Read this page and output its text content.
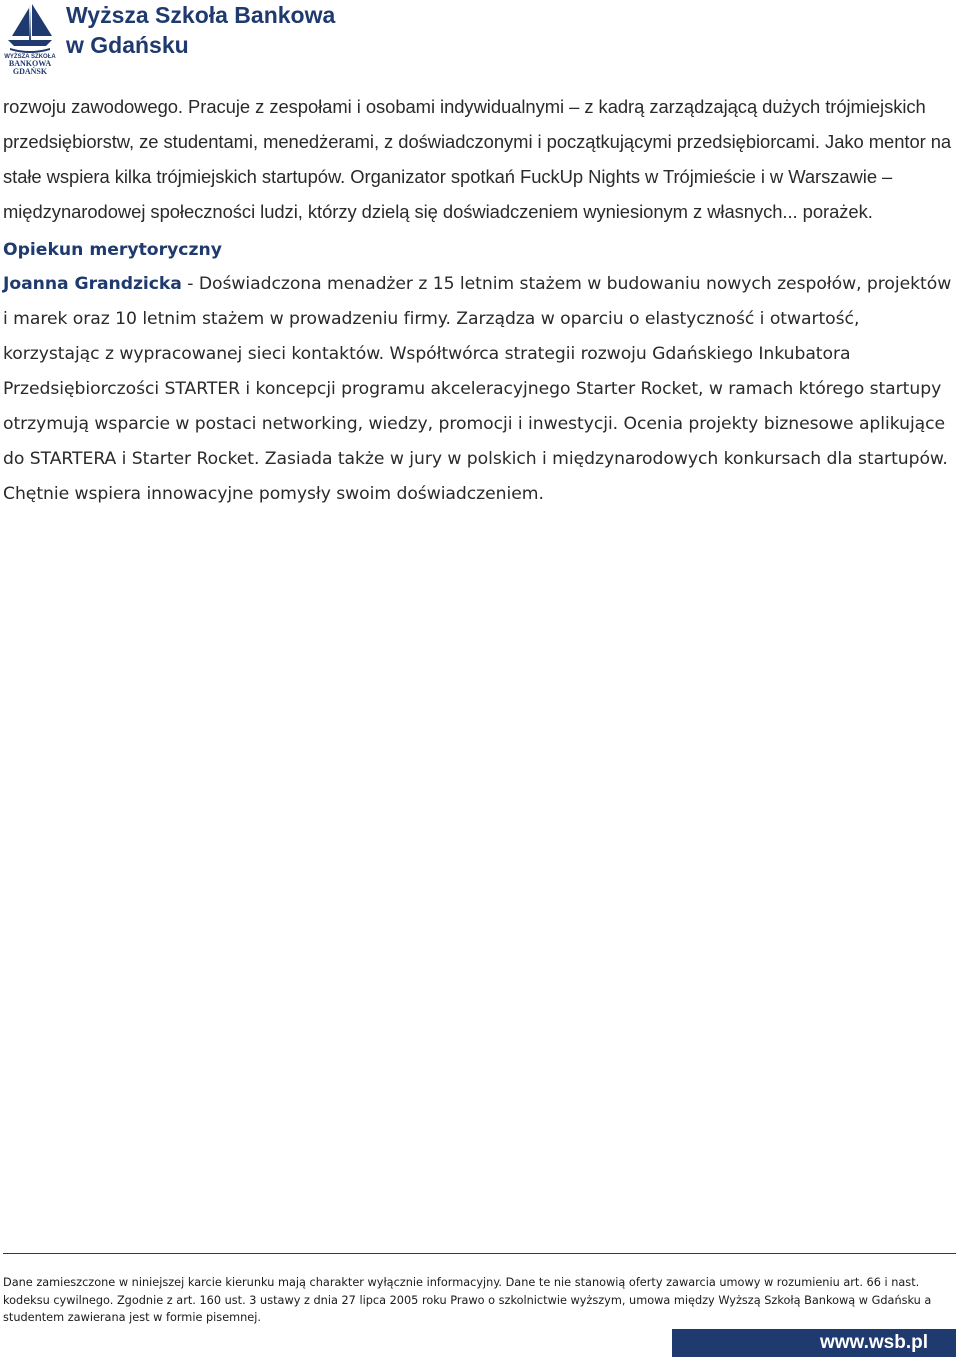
WYŻSZA SZKOŁA
BANKOWA
GDAŃSK
Wyższa Szkoła Bankowa
w Gdańsku

rozwoju zawodowego. Pracuje z zespołami i osobami indywidualnymi – z kadrą zarządzającą dużych trójmiejskich przedsiębiorstw, ze studentami, menedżerami, z doświadczonymi i początkującymi przedsiębiorcami. Jako mentor na stałe wspiera kilka trójmiejskich startupów. Organizator spotkań FuckUp Nights w Trójmieście i w Warszawie – międzynarodowej społeczności ludzi, którzy dzielą się doświadczeniem wyniesionym z własnych... porażek.

Opiekun merytoryczny

Joanna Grandzicka - Doświadczona menadżer z 15 letnim stażem w budowaniu nowych zespołów, projektów i marek oraz 10 letnim stażem w prowadzeniu firmy. Zarządza w oparciu o elastyczność i otwartość, korzystając z wypracowanej sieci kontaktów. Współtwórca strategii rozwoju Gdańskiego Inkubatora Przedsiębiorczości STARTER i koncepcji programu akceleracyjnego Starter Rocket, w ramach którego startupy otrzymują wsparcie w postaci networking, wiedzy, promocji i inwestycji. Ocenia projekty biznesowe aplikujące do STARTERA i Starter Rocket. Zasiada także w jury w polskich i międzynarodowych konkursach dla startupów. Chętnie wspiera innowacyjne pomysły swoim doświadczeniem.

Dane zamieszczone w niniejszej karcie kierunku mają charakter wyłącznie informacyjny. Dane te nie stanowią oferty zawarcia umowy w rozumieniu art. 66 i nast. kodeksu cywilnego. Zgodnie z art. 160 ust. 3 ustawy z dnia 27 lipca 2005 roku Prawo o szkolnictwie wyższym, umowa między Wyższą Szkołą Bankową w Gdańsku a studentem zawierana jest w formie pisemnej.

www.wsb.pl
